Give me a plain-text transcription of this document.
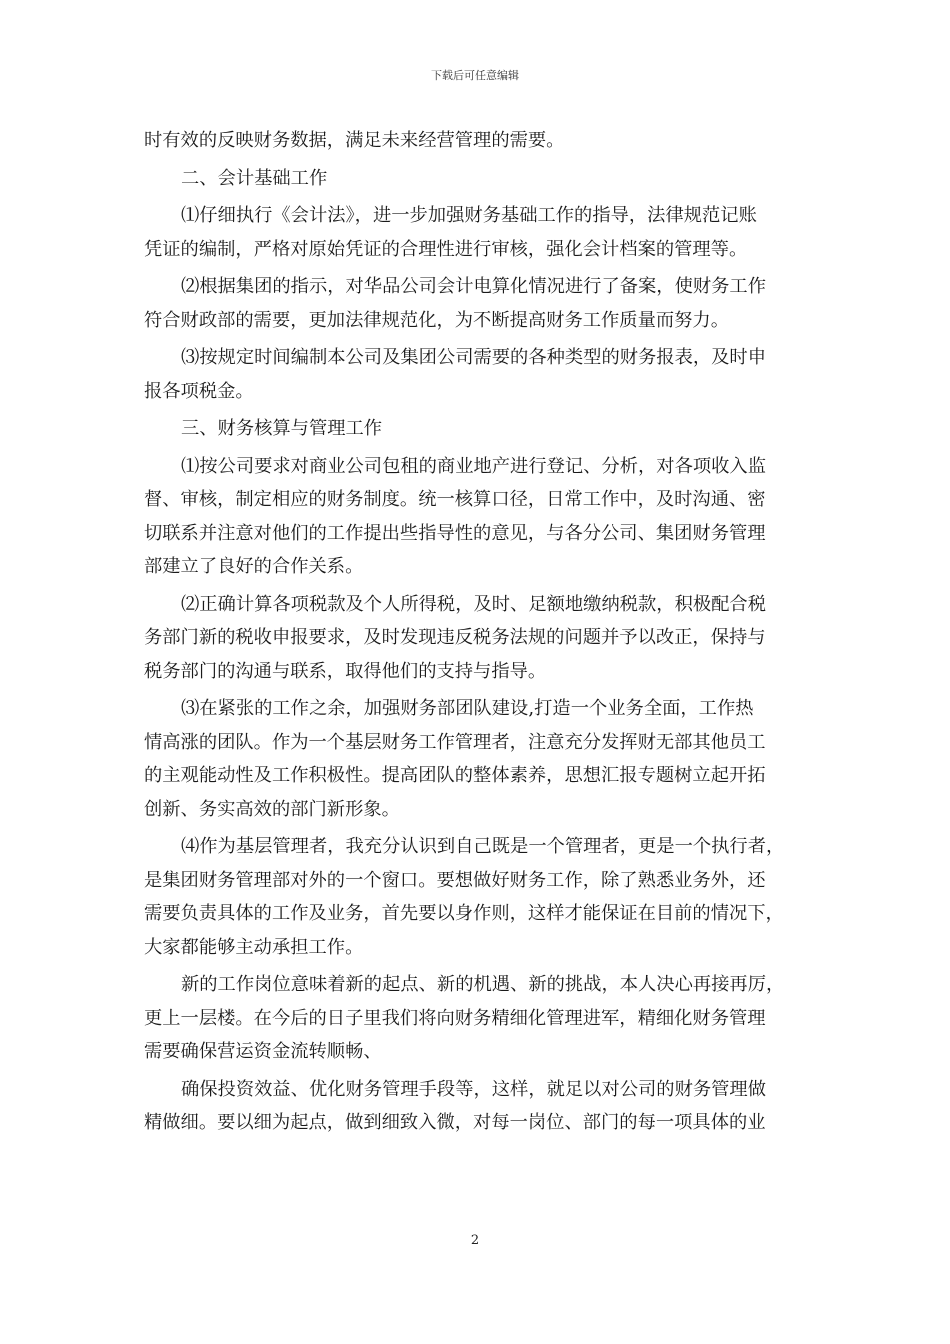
下载后可任意编辑
时有效的反映财务数据，满足未来经营管理的需要。
二、会计基础工作
⑴仔细执行《会计法》，进一步加强财务基础工作的指导，法律规范记账
凭证的编制，严格对原始凭证的合理性进行审核，强化会计档案的管理等。
⑵根据集团的指示，对华品公司会计电算化情况进行了备案，使财务工作
符合财政部的需要，更加法律规范化，为不断提高财务工作质量而努力。
⑶按规定时间编制本公司及集团公司需要的各种类型的财务报表，及时申
报各项税金。
三、财务核算与管理工作
⑴按公司要求对商业公司包租的商业地产进行登记、分析，对各项收入监
督、审核，制定相应的财务制度。统一核算口径，日常工作中，及时沟通、密
切联系并注意对他们的工作提出些指导性的意见，与各分公司、集团财务管理
部建立了良好的合作关系。
⑵正确计算各项税款及个人所得税，及时、足额地缴纳税款，积极配合税
务部门新的税收申报要求，及时发现违反税务法规的问题并予以改正，保持与
税务部门的沟通与联系，取得他们的支持与指导。
⑶在紧张的工作之余，加强财务部团队建设,打造一个业务全面，工作热
情高涨的团队。作为一个基层财务工作管理者，注意充分发挥财无部其他员工
的主观能动性及工作积极性。提高团队的整体素养，思想汇报专题树立起开拓
创新、务实高效的部门新形象。
⑷作为基层管理者，我充分认识到自己既是一个管理者，更是一个执行者，
是集团财务管理部对外的一个窗口。要想做好财务工作，除了熟悉业务外，还
需要负责具体的工作及业务，首先要以身作则，这样才能保证在目前的情况下，
大家都能够主动承担工作。
新的工作岗位意味着新的起点、新的机遇、新的挑战，本人决心再接再厉，
更上一层楼。在今后的日子里我们将向财务精细化管理进军，精细化财务管理
需要确保营运资金流转顺畅、
确保投资效益、优化财务管理手段等，这样，就足以对公司的财务管理做
精做细。要以细为起点，做到细致入微，对每一岗位、部门的每一项具体的业
2
